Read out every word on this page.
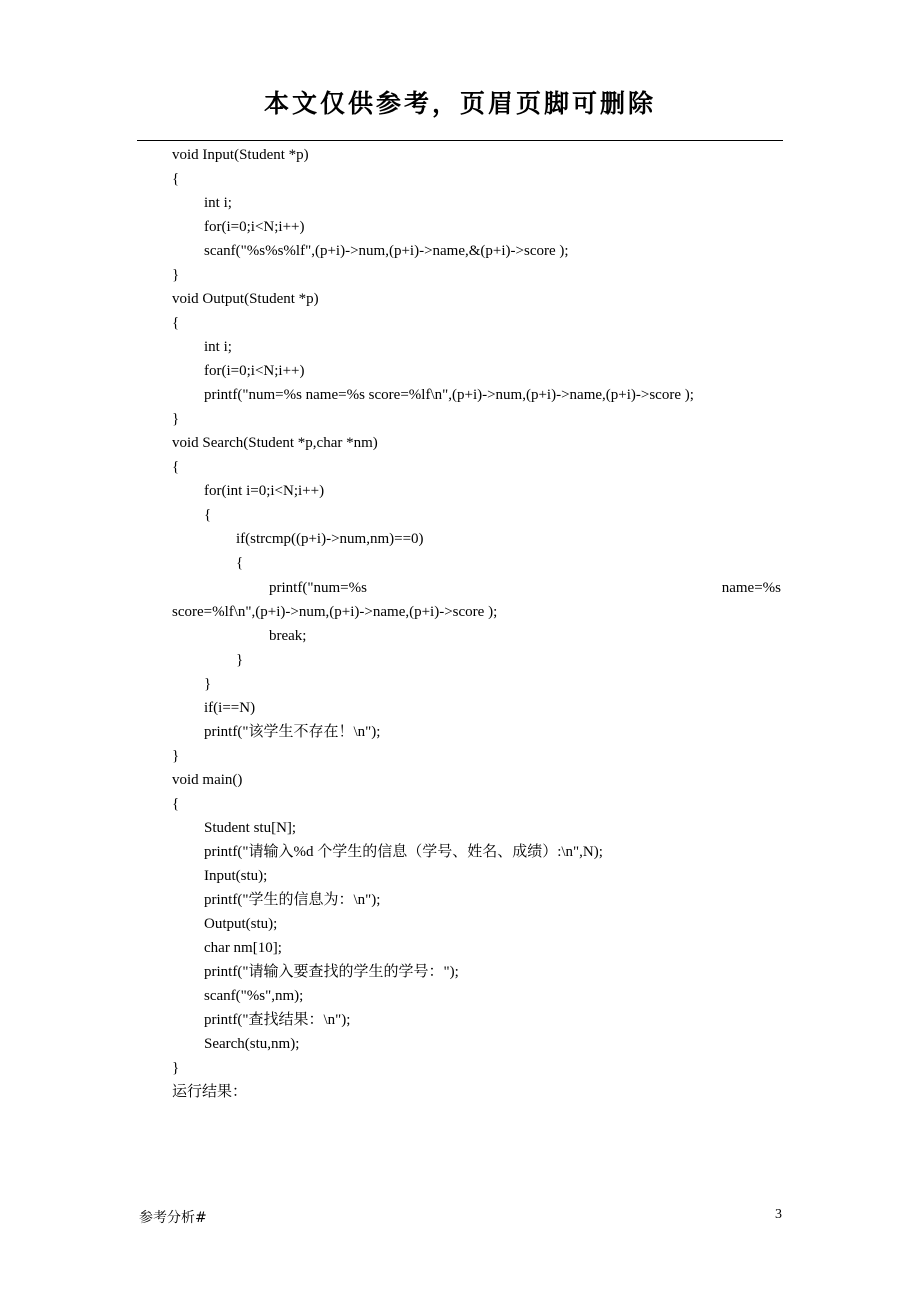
本文仅供参考，页眉页脚可删除
void Input(Student *p)
{
int i;
for(i=0;i<N;i++)
scanf("%s%s%lf",(p+i)->num,(p+i)->name,&(p+i)->score );
}
void Output(Student *p)
{
int i;
for(i=0;i<N;i++)
printf("num=%s name=%s score=%lf\n",(p+i)->num,(p+i)->name,(p+i)->score );
}
void Search(Student *p,char *nm)
{
for(int i=0;i<N;i++)
{
if(strcmp((p+i)->num,nm)==0)
{
printf("num=%s	name=%s
score=%lf\n",(p+i)->num,(p+i)->name,(p+i)->score );
break;
}
}
if(i==N)
printf("该学生不存在！\n");
}
void main()
{
Student stu[N];
printf("请输入%d 个学生的信息（学号、姓名、成绩）:\n",N);
Input(stu);
printf("学生的信息为：\n");
Output(stu);
char nm[10];
printf("请输入要查找的学生的学号：");
scanf("%s",nm);
printf("查找结果：\n");
Search(stu,nm);
}
运行结果：
参考分析#	3
